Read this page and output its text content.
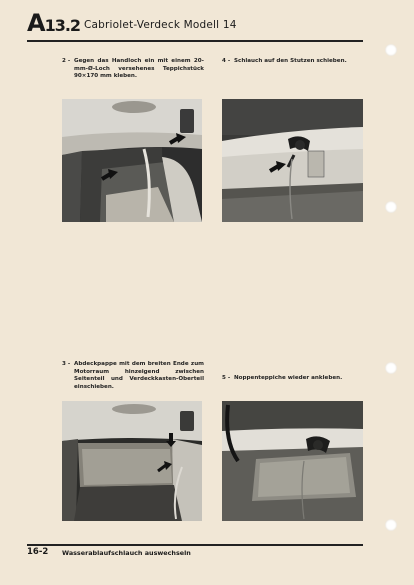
A13.2 Cabriolet-Verdeck Modell 14
2 - Gegen das Handloch ein mit einem 20-mm-Ø-Loch versehenes Teppichstück 90×170 mm kleben.
4 - Schlauch auf den Stutzen schieben.
3 - Abdeckpappe mit dem breiten Ende zum Motorraum hinzeigend zwischen Seitenteil und Verdeckkasten-Oberteil einschieben.
5 - Noppenteppiche wieder ankleben.
16-2 Wasserablaufschlauch auswechseln
